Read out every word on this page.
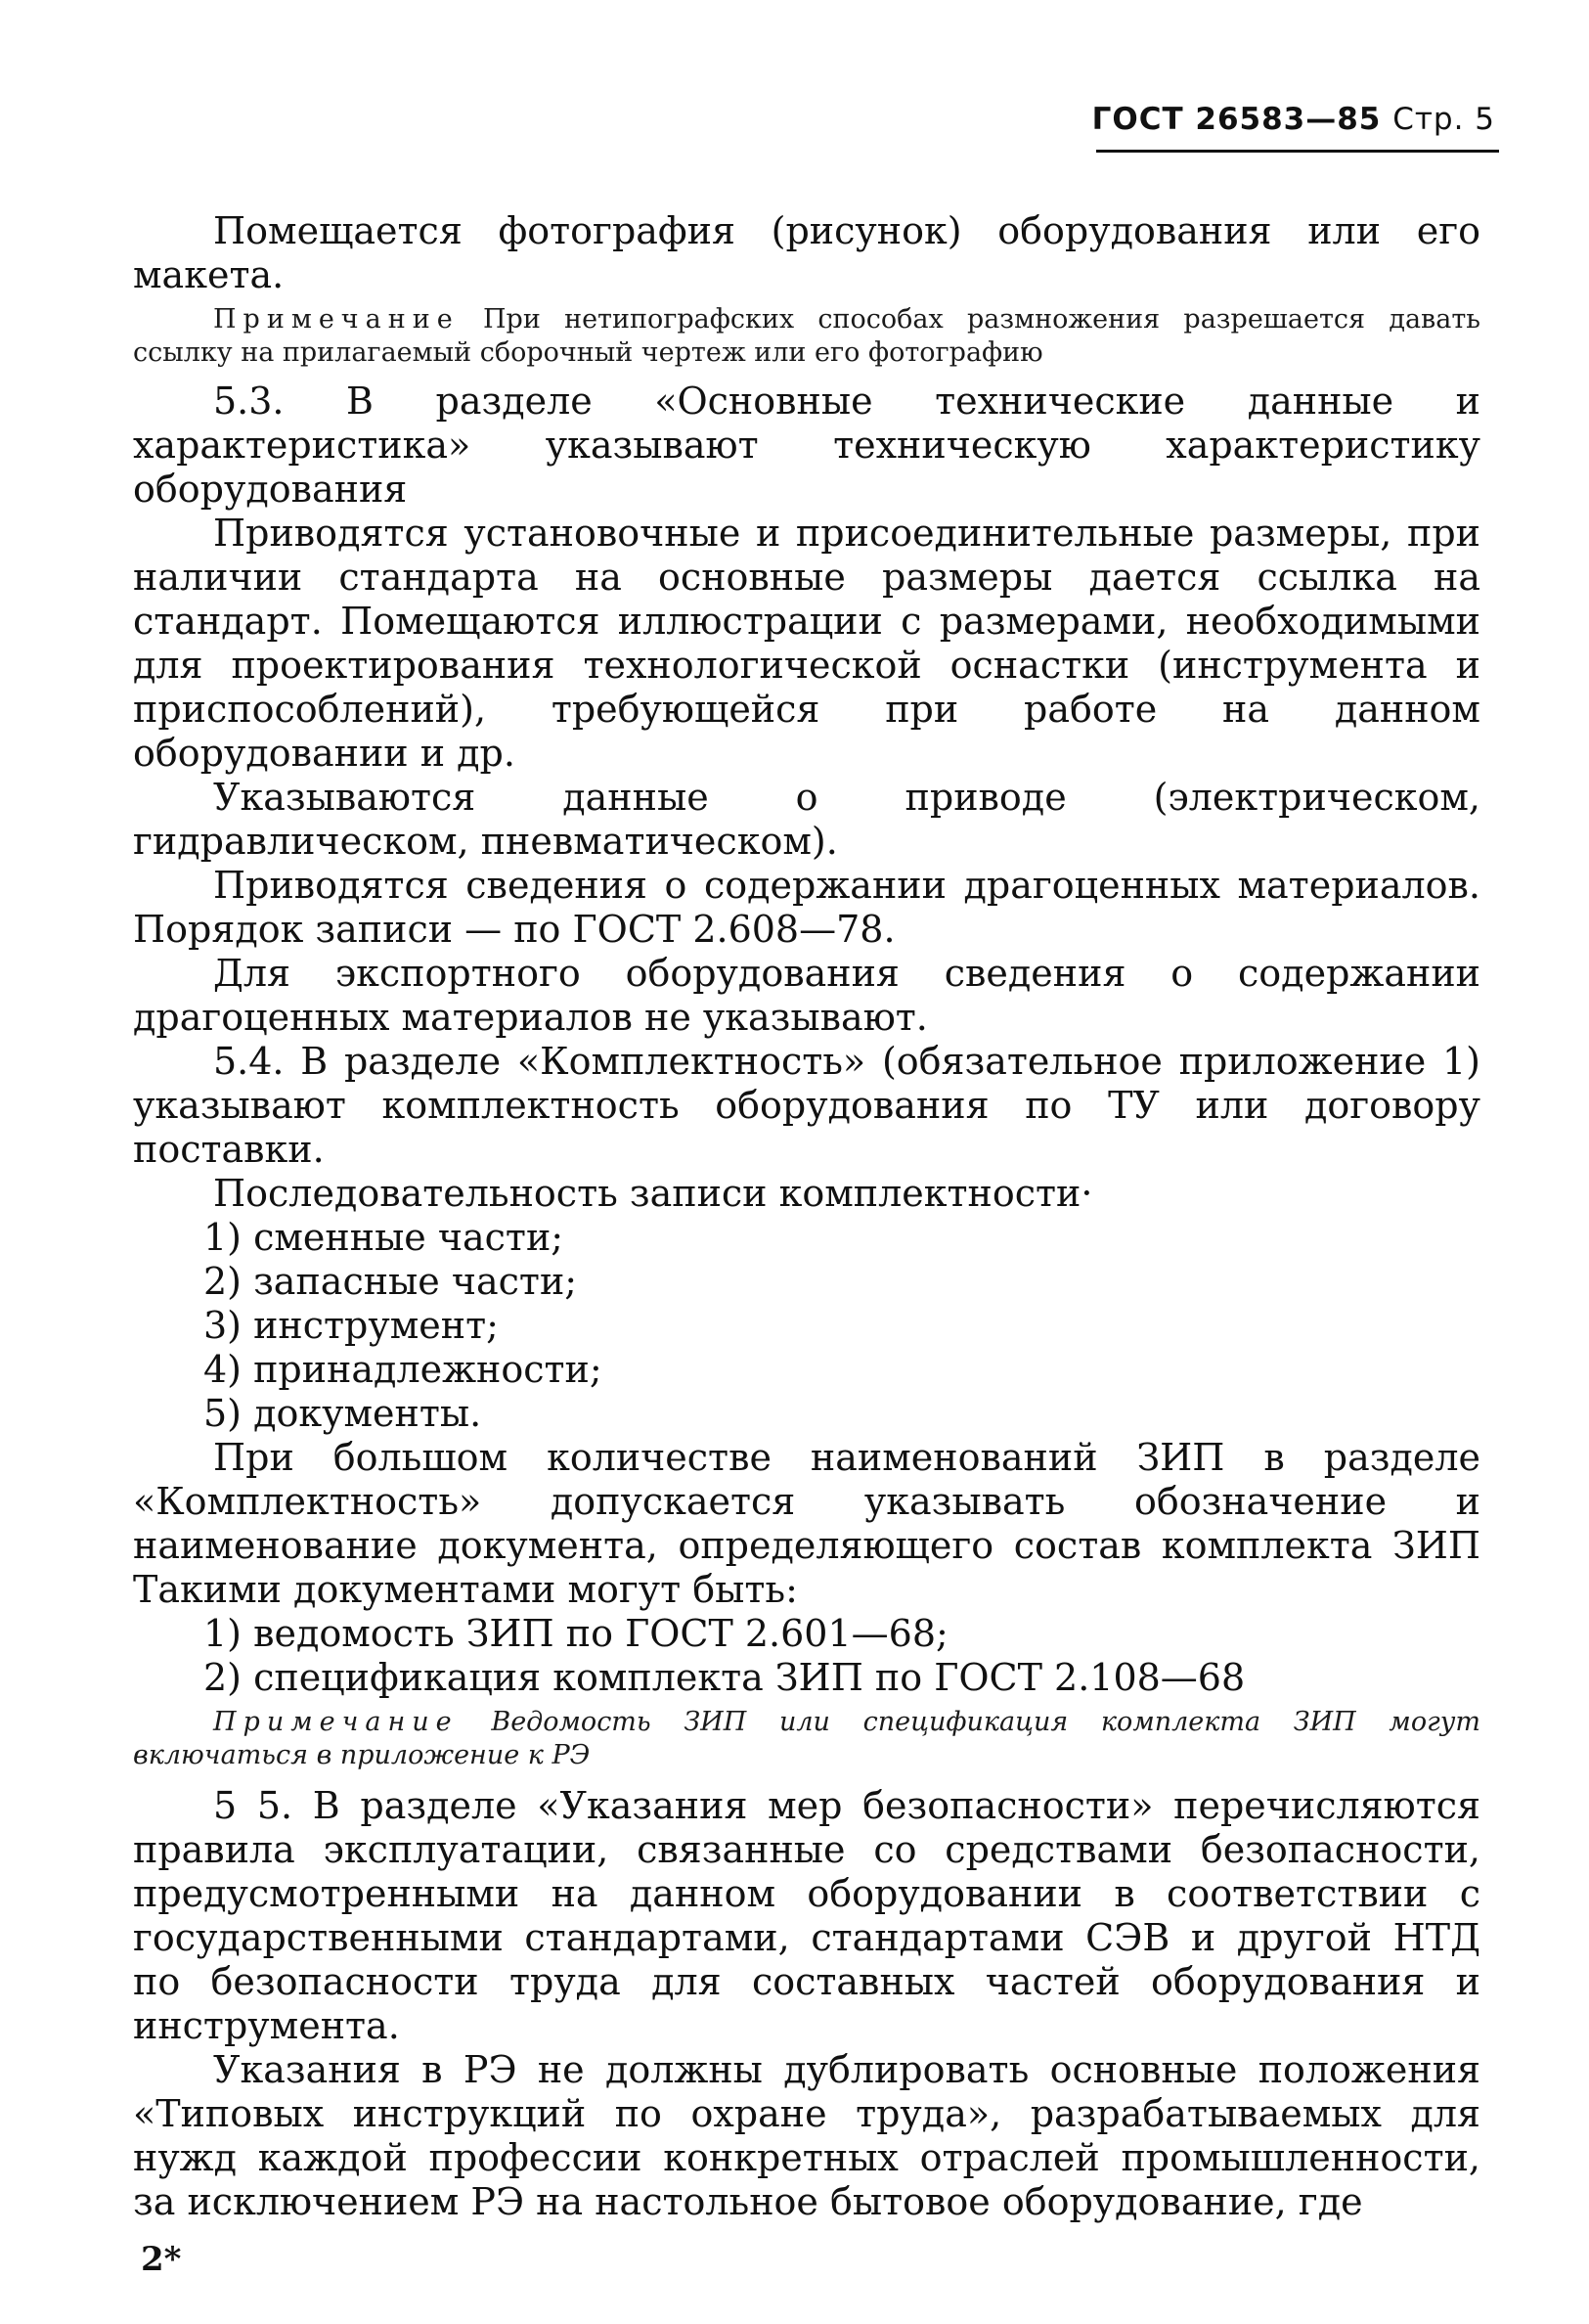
ГОСТ 26583—85 Стр. 5

Помещается фотография (рисунок) оборудования или его макета.

Примечание При нетипографских способах размножения разрешается давать ссылку на прилагаемый сборочный чертеж или его фотографию

5.3. В разделе «Основные технические данные и характеристика» указывают техническую характеристику оборудования

Приводятся установочные и присоединительные размеры, при наличии стандарта на основные размеры дается ссылка на стандарт. Помещаются иллюстрации с размерами, необходимыми для проектирования технологической оснастки (инструмента и приспособлений), требующейся при работе на данном оборудовании и др.

Указываются данные о приводе (электрическом, гидравлическом, пневматическом).

Приводятся сведения о содержании драгоценных материалов. Порядок записи — по ГОСТ 2.608—78.

Для экспортного оборудования сведения о содержании драгоценных материалов не указывают.

5.4. В разделе «Комплектность» (обязательное приложение 1) указывают комплектность оборудования по ТУ или договору поставки.

Последовательность записи комплектности·

1) сменные части;

2) запасные части;

3) инструмент;

4) принадлежности;

5) документы.

При большом количестве наименований ЗИП в разделе «Комплектность» допускается указывать обозначение и наименование документа, определяющего состав комплекта ЗИП Такими документами могут быть:

1) ведомость ЗИП по ГОСТ 2.601—68;

2) спецификация комплекта ЗИП по ГОСТ 2.108—68

Примечание Ведомость ЗИП или спецификация комплекта ЗИП могут включаться в приложение к РЭ

5 5. В разделе «Указания мер безопасности» перечисляются правила эксплуатации, связанные со средствами безопасности, предусмотренными на данном оборудовании в соответствии с государственными стандартами, стандартами СЭВ и другой НТД по безопасности труда для составных частей оборудования и инструмента.

Указания в РЭ не должны дублировать основные положения «Типовых инструкций по охране труда», разрабатываемых для нужд каждой профессии конкретных отраслей промышленности, за исключением РЭ на настольное бытовое оборудование, где

2*
